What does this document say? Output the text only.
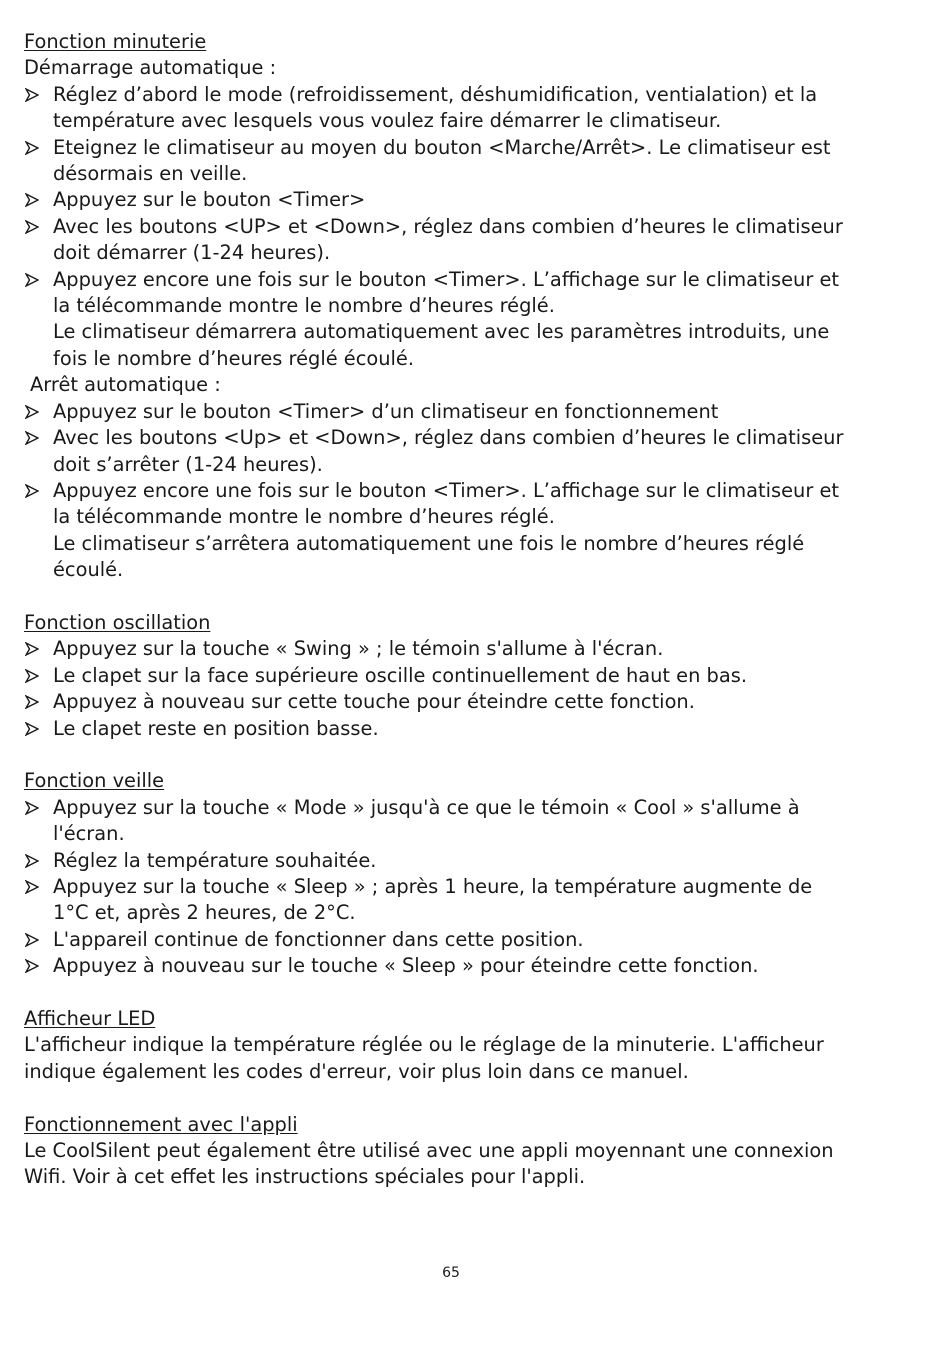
Fonction minuterie
Démarrage automatique :
Réglez d’abord le mode (refroidissement, déshumidification, ventialation) et la
température avec lesquels vous voulez faire démarrer le climatiseur.
Eteignez le climatiseur au moyen du bouton <Marche/Arrêt>. Le climatiseur est
désormais en veille.
Appuyez sur le bouton <Timer>
Avec les boutons <UP> et <Down>, réglez dans combien d’heures le climatiseur
doit démarrer (1-24 heures).
Appuyez encore une fois sur le bouton <Timer>. L’affichage sur le climatiseur et
la télécommande montre le nombre d’heures réglé.
Le climatiseur démarrera automatiquement avec les paramètres introduits, une
fois le nombre d’heures réglé écoulé.
Arrêt automatique :
Appuyez sur le bouton <Timer> d’un climatiseur en fonctionnement
Avec les boutons <Up> et <Down>, réglez dans combien d’heures le climatiseur
doit s’arrêter (1-24 heures).
Appuyez encore une fois sur le bouton <Timer>. L’affichage sur le climatiseur et
la télécommande montre le nombre d’heures réglé.
Le climatiseur s’arrêtera automatiquement une fois le nombre d’heures réglé
écoulé.
Fonction oscillation
Appuyez sur la touche « Swing » ; le témoin s'allume à l'écran.
Le clapet sur la face supérieure oscille continuellement de haut en bas.
Appuyez à nouveau sur cette touche pour éteindre cette fonction.
Le clapet reste en position basse.
Fonction veille
Appuyez sur la touche « Mode » jusqu'à ce que le témoin « Cool » s'allume à
l'écran.
Réglez la température souhaitée.
Appuyez sur la touche « Sleep » ; après 1 heure, la température augmente de
1°C et, après 2 heures, de 2°C.
L'appareil continue de fonctionner dans cette position.
Appuyez à nouveau sur le touche « Sleep » pour éteindre cette fonction.
Afficheur LED
L'afficheur indique la température réglée ou le réglage de la minuterie. L'afficheur
indique également les codes d'erreur, voir plus loin dans ce manuel.
Fonctionnement avec l'appli
Le CoolSilent peut également être utilisé avec une appli moyennant une connexion
Wifi. Voir à cet effet les instructions spéciales pour l'appli.
65
